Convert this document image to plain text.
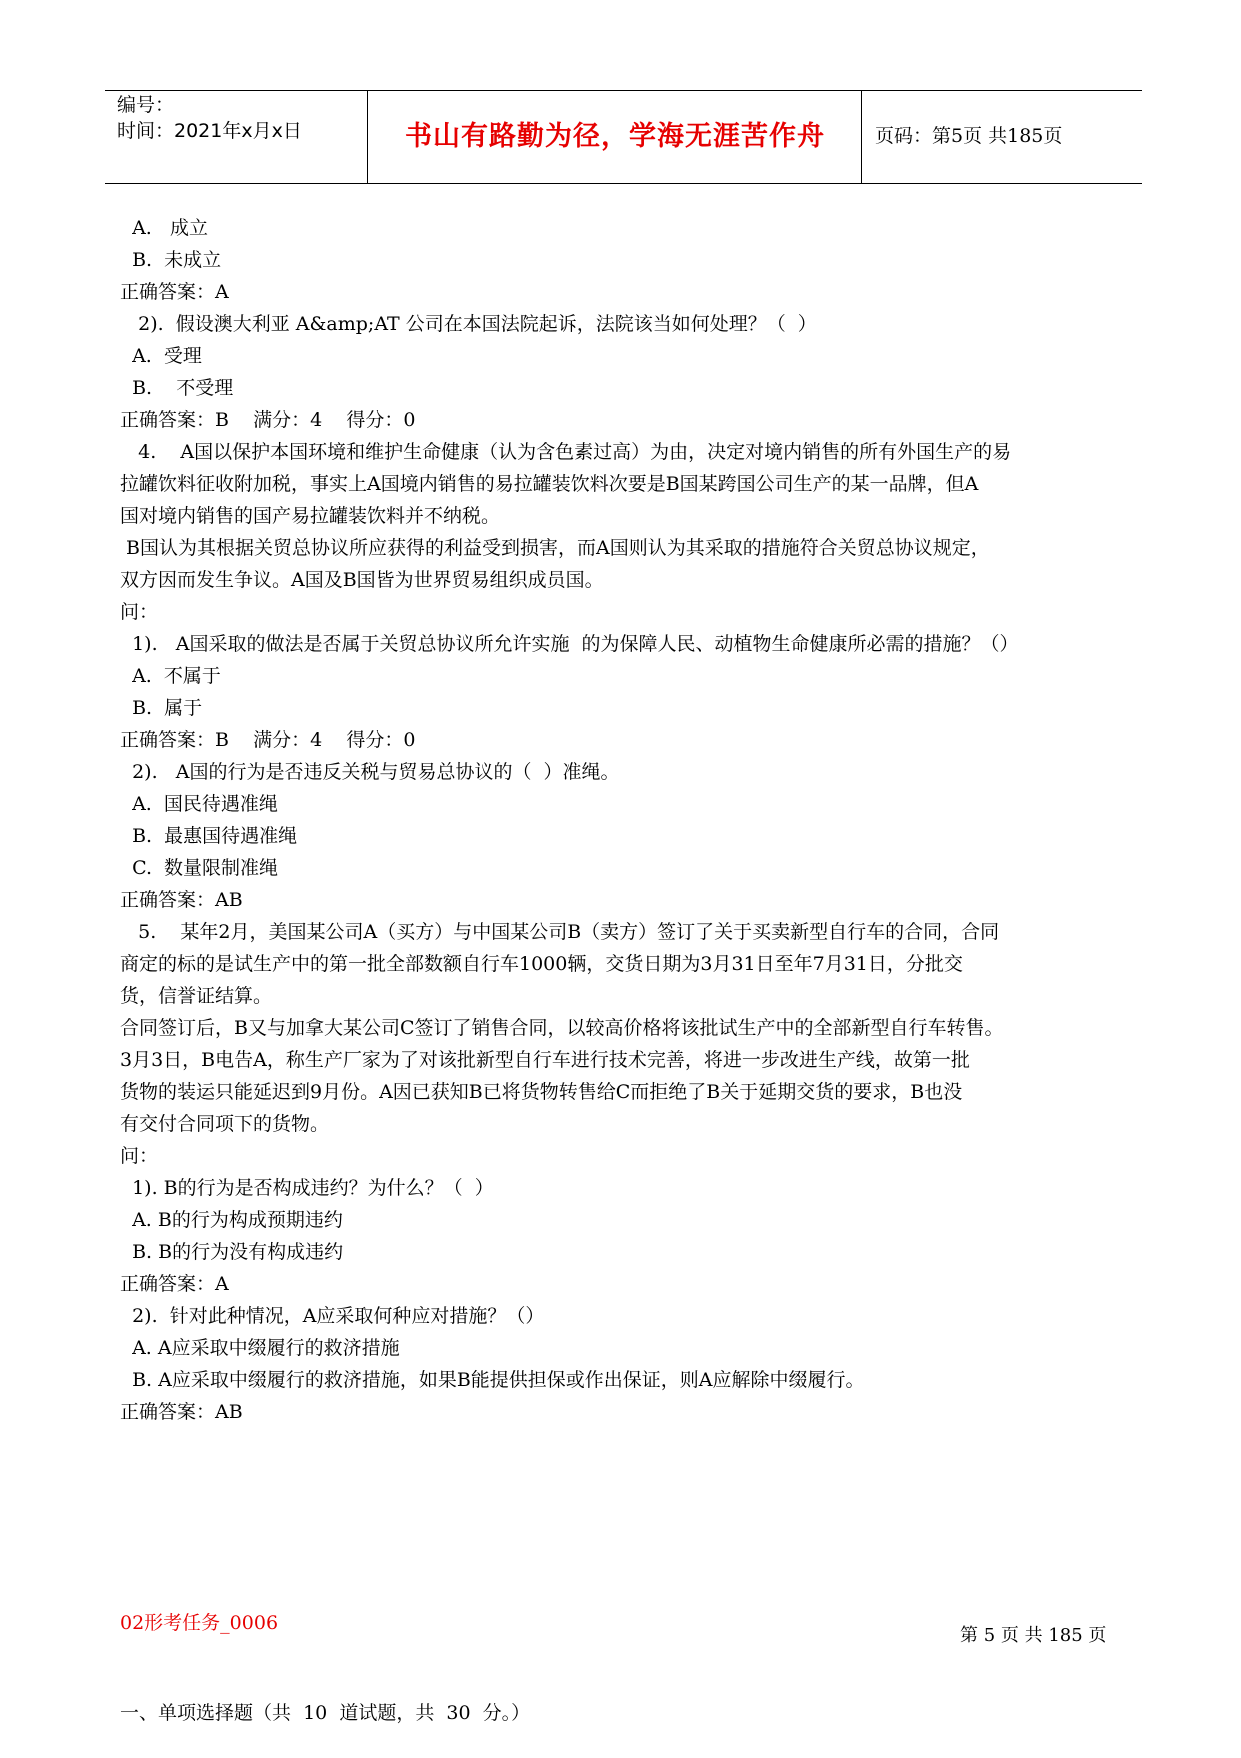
编号：
时间：2021年x月x日	书山有路勤为径，学海无涯苦作舟	页码：第5页 共185页
A.   成立
B.  未成立
正确答案：A
2).  假设澳大利亚 A&amp;AT 公司在本国法院起诉，法院该当如何处理？（  ）
A.  受理
B.    不受理
正确答案：B    满分：4    得分：0
4.    A国以保护本国环境和维护生命健康（认为含色素过高）为由，决定对境内销售的所有外国生产的易
拉罐饮料征收附加税，事实上A国境内销售的易拉罐装饮料次要是B国某跨国公司生产的某一品牌，但A
国对境内销售的国产易拉罐装饮料并不纳税。
B国认为其根据关贸总协议所应获得的利益受到损害，而A国则认为其采取的措施符合关贸总协议规定，
双方因而发生争议。A国及B国皆为世界贸易组织成员国。
问：
1).   A国采取的做法是否属于关贸总协议所允许实施  的为保障人民、动植物生命健康所必需的措施？（）
A.  不属于
B.  属于
正确答案：B    满分：4    得分：0
2).   A国的行为是否违反关税与贸易总协议的（  ）准绳。
A.  国民待遇准绳
B.  最惠国待遇准绳
C.  数量限制准绳
正确答案：AB
5.    某年2月，美国某公司A（买方）与中国某公司B（卖方）签订了关于买卖新型自行车的合同，合同
商定的标的是试生产中的第一批全部数额自行车1000辆，交货日期为3月31日至年7月31日，分批交
货，信誉证结算。
合同签订后，B又与加拿大某公司C签订了销售合同，以较高价格将该批试生产中的全部新型自行车转售。
3月3日，B电告A，称生产厂家为了对该批新型自行车进行技术完善，将进一步改进生产线，故第一批
货物的装运只能延迟到9月份。A因已获知B已将货物转售给C而拒绝了B关于延期交货的要求，B也没
有交付合同项下的货物。
问：
1). B的行为是否构成违约？为什么？（  ）
A. B的行为构成预期违约
B. B的行为没有构成违约
正确答案：A
2).  针对此种情况，A应采取何种应对措施？（）
A. A应采取中缀履行的救济措施
B. A应采取中缀履行的救济措施，如果B能提供担保或作出保证，则A应解除中缀履行。
正确答案：AB

02形考任务_0006

一、单项选择题（共  10  道试题，共  30  分。）

第 5 页 共 185 页
